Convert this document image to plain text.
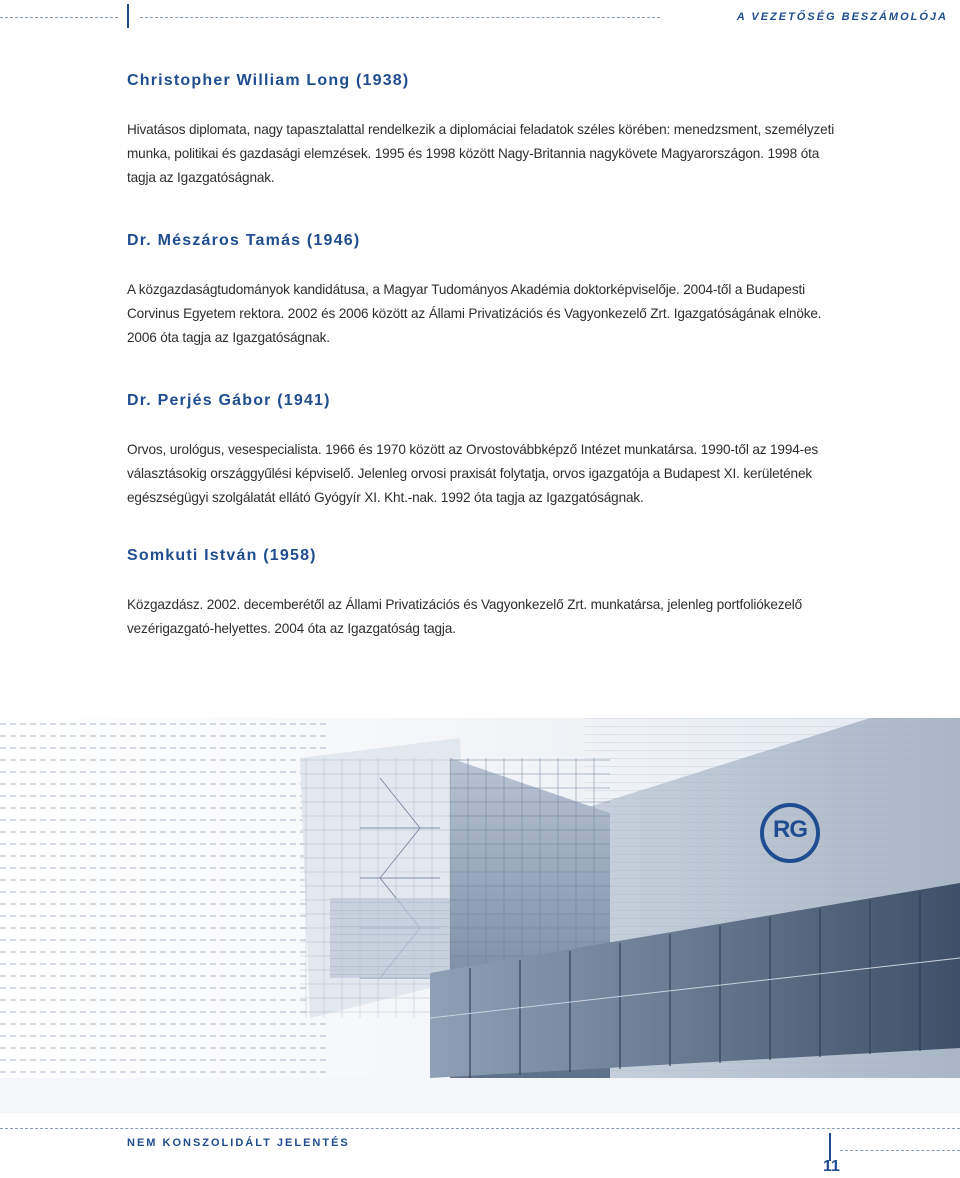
A VEZETŐSÉG BESZÁMOLÓJA
Christopher William Long (1938)

Hivatásos diplomata, nagy tapasztalattal rendelkezik a diplomáciai feladatok széles körében: menedzsment, személyzeti munka, politikai és gazdasági elemzések. 1995 és 1998 között Nagy-Britannia nagykövete Magyarországon. 1998 óta tagja az Igazgatóságnak.

Dr. Mészáros Tamás (1946)

A közgazdaságtudományok kandidátusa, a Magyar Tudományos Akadémia doktorképviselője. 2004-től a Budapesti Corvinus Egyetem rektora. 2002 és 2006 között az Állami Privatizációs és Vagyonkezelő Zrt. Igazgatóságának elnöke. 2006 óta tagja az Igazgatóságnak.

Dr. Perjés Gábor (1941)

Orvos, urológus, vesespecialista. 1966 és 1970 között az Orvostovábbképző Intézet munkatársa. 1990-től az 1994-es választásokig országgyűlési képviselő. Jelenleg orvosi praxisát folytatja, orvos igazgatója a Budapest XI. kerületének egészségügyi szolgálatát ellátó Gyógyír XI. Kht.-nak. 1992 óta tagja az Igazgatóságnak.

Somkuti István (1958)

Közgazdász. 2002. decemberétől az Állami Privatizációs és Vagyonkezelő Zrt. munkatársa, jelenleg portfoliókezelő vezérigazgató-helyettes. 2004 óta az Igazgatóság tagja.

RG
NEM KONSZOLIDÁLT JELENTÉS
11
